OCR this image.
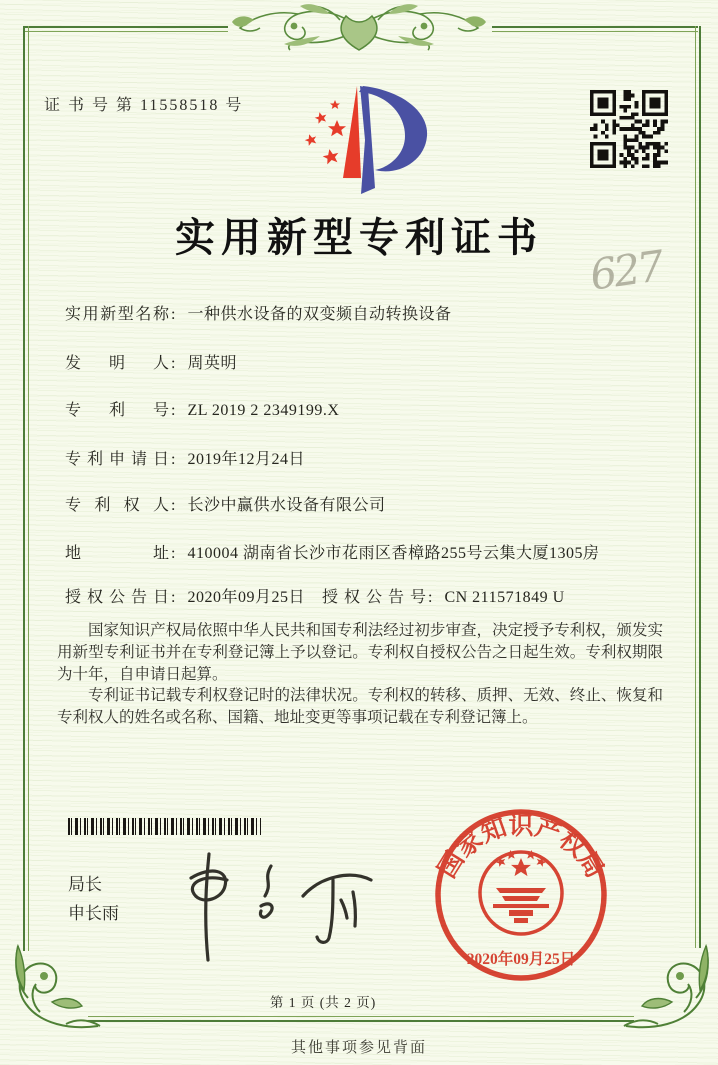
证 书 号 第 11558518 号
实用新型专利证书
627
实用新型名称 : 一种供水设备的双变频自动转换设备
发明人 : 周英明
专利号 : ZL 2019 2 2349199.X
专利申请日 : 2019年12月24日
专利权人 : 长沙中赢供水设备有限公司
地址 : 410004 湖南省长沙市花雨区香樟路255号云集大厦1305房
授权公告日 : 2020年09月25日 授权公告号 : CN 211571849 U

国家知识产权局依照中华人民共和国专利法经过初步审查，决定授予专利权，颁发实用新型专利证书并在专利登记簿上予以登记。专利权自授权公告之日起生效。专利权期限为十年，自申请日起算。

专利证书记载专利权登记时的法律状况。专利权的转移、质押、无效、终止、恢复和专利权人的姓名或名称、国籍、地址变更等事项记载在专利登记簿上。

局长
申长雨
国家知识产权局
2020年09月25日
第 1 页 (共 2 页)
其他事项参见背面
